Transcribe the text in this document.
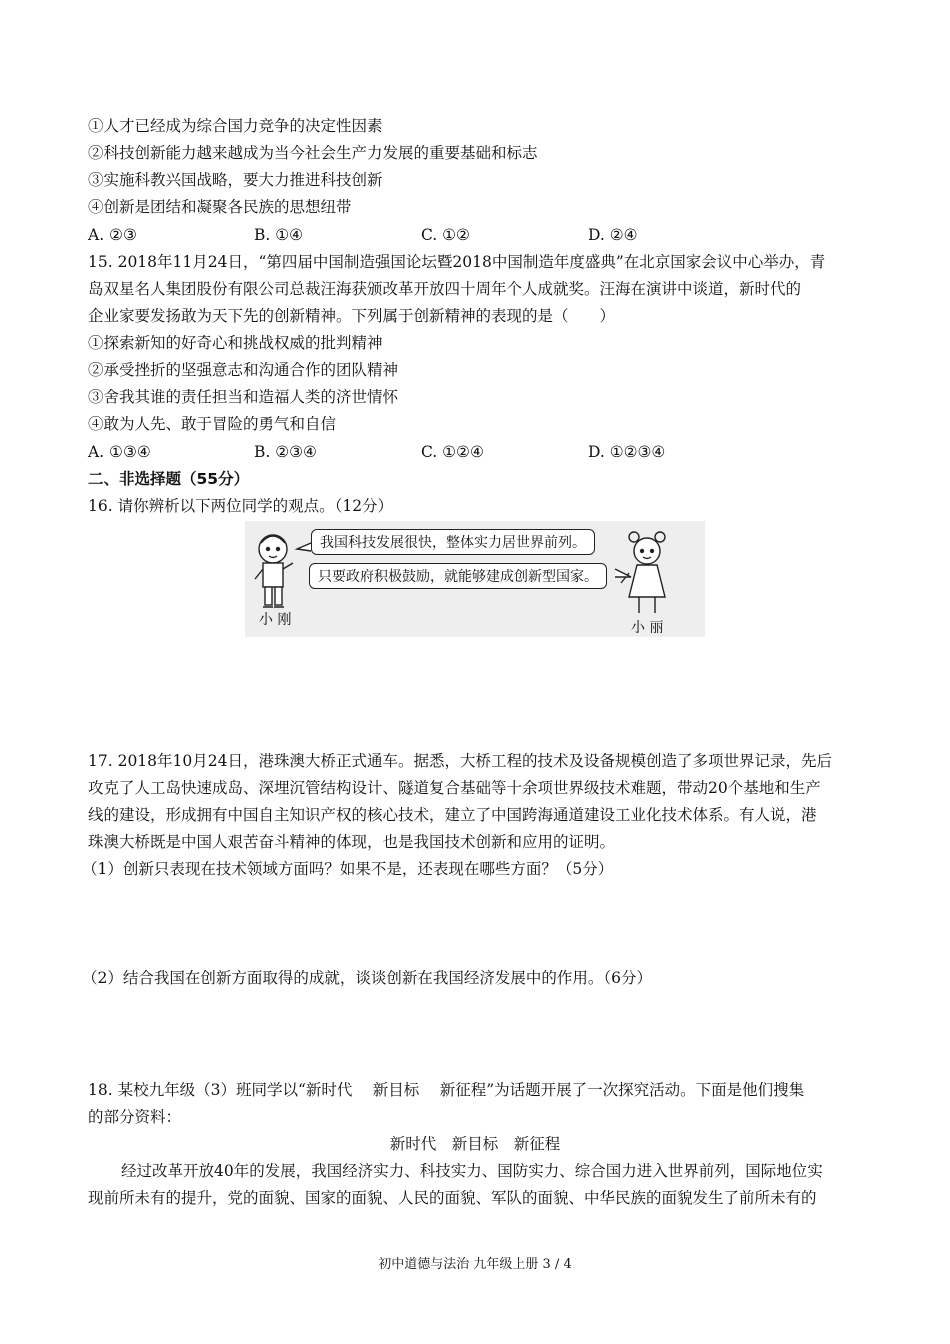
①人才已经成为综合国力竞争的决定性因素
②科技创新能力越来越成为当今社会生产力发展的重要基础和标志
③实施科教兴国战略，要大力推进科技创新
④创新是团结和凝聚各民族的思想纽带
A. ②③	B. ①④	C. ①②	D. ②④
15. 2018年11月24日，“第四届中国制造强国论坛暨2018中国制造年度盛典”在北京国家会议中心举办，青
岛双星名人集团股份有限公司总裁汪海获颁改革开放四十周年个人成就奖。汪海在演讲中谈道，新时代的
企业家要发扬敢为天下先的创新精神。下列属于创新精神的表现的是（　　）
①探索新知的好奇心和挑战权威的批判精神
②承受挫折的坚强意志和沟通合作的团队精神
③舍我其谁的责任担当和造福人类的济世情怀
④敢为人先、敢于冒险的勇气和自信
A. ①③④	B. ②③④	C. ①②④	D. ①②③④
二、非选择题（55分）
16. 请你辨析以下两位同学的观点。（12分）
我国科技发展很快，整体实力居世界前列。
只要政府积极鼓励，就能够建成创新型国家。
小 刚	小 丽
17. 2018年10月24日，港珠澳大桥正式通车。据悉，大桥工程的技术及设备规模创造了多项世界记录，先后
攻克了人工岛快速成岛、深埋沉管结构设计、隧道复合基础等十余项世界级技术难题，带动20个基地和生产
线的建设，形成拥有中国自主知识产权的核心技术，建立了中国跨海通道建设工业化技术体系。有人说，港
珠澳大桥既是中国人艰苦奋斗精神的体现，也是我国技术创新和应用的证明。
（1）创新只表现在技术领域方面吗？如果不是，还表现在哪些方面？（5分）
（2）结合我国在创新方面取得的成就，谈谈创新在我国经济发展中的作用。（6分）
18. 某校九年级（3）班同学以“新时代　 新目标　 新征程”为话题开展了一次探究活动。下面是他们搜集
的部分资料：
新时代　新目标　新征程
经过改革开放40年的发展，我国经济实力、科技实力、国防实力、综合国力进入世界前列，国际地位实
现前所未有的提升，党的面貌、国家的面貌、人民的面貌、军队的面貌、中华民族的面貌发生了前所未有的
初中道德与法治 九年级上册 3 / 4
